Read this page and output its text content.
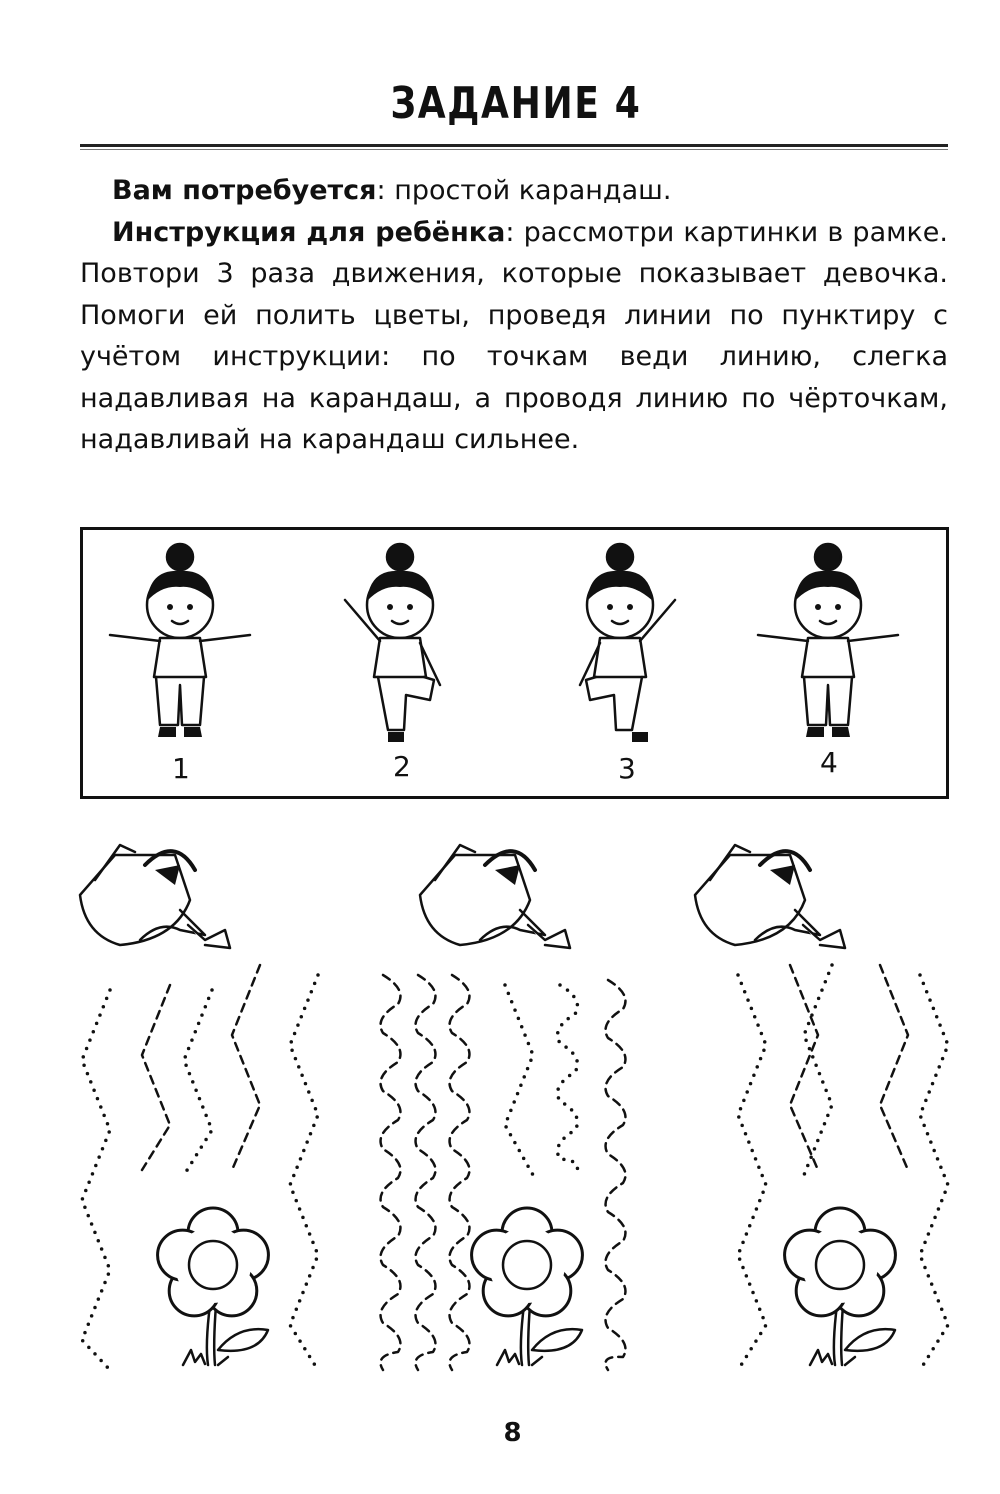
ЗАДАНИЕ 4

Вам потребуется: простой карандаш.

Инструкция для ребёнка: рассмотри картинки в рамке. Повтори 3 раза движения, которые показывает девочка. Помоги ей полить цветы, проведя линии по пунктиру с учётом инструкции: по точкам веди линию, слегка надавливая на карандаш, а проводя линию по чёрточкам, надавливай на карандаш сильнее.

1	2	3	4
8
